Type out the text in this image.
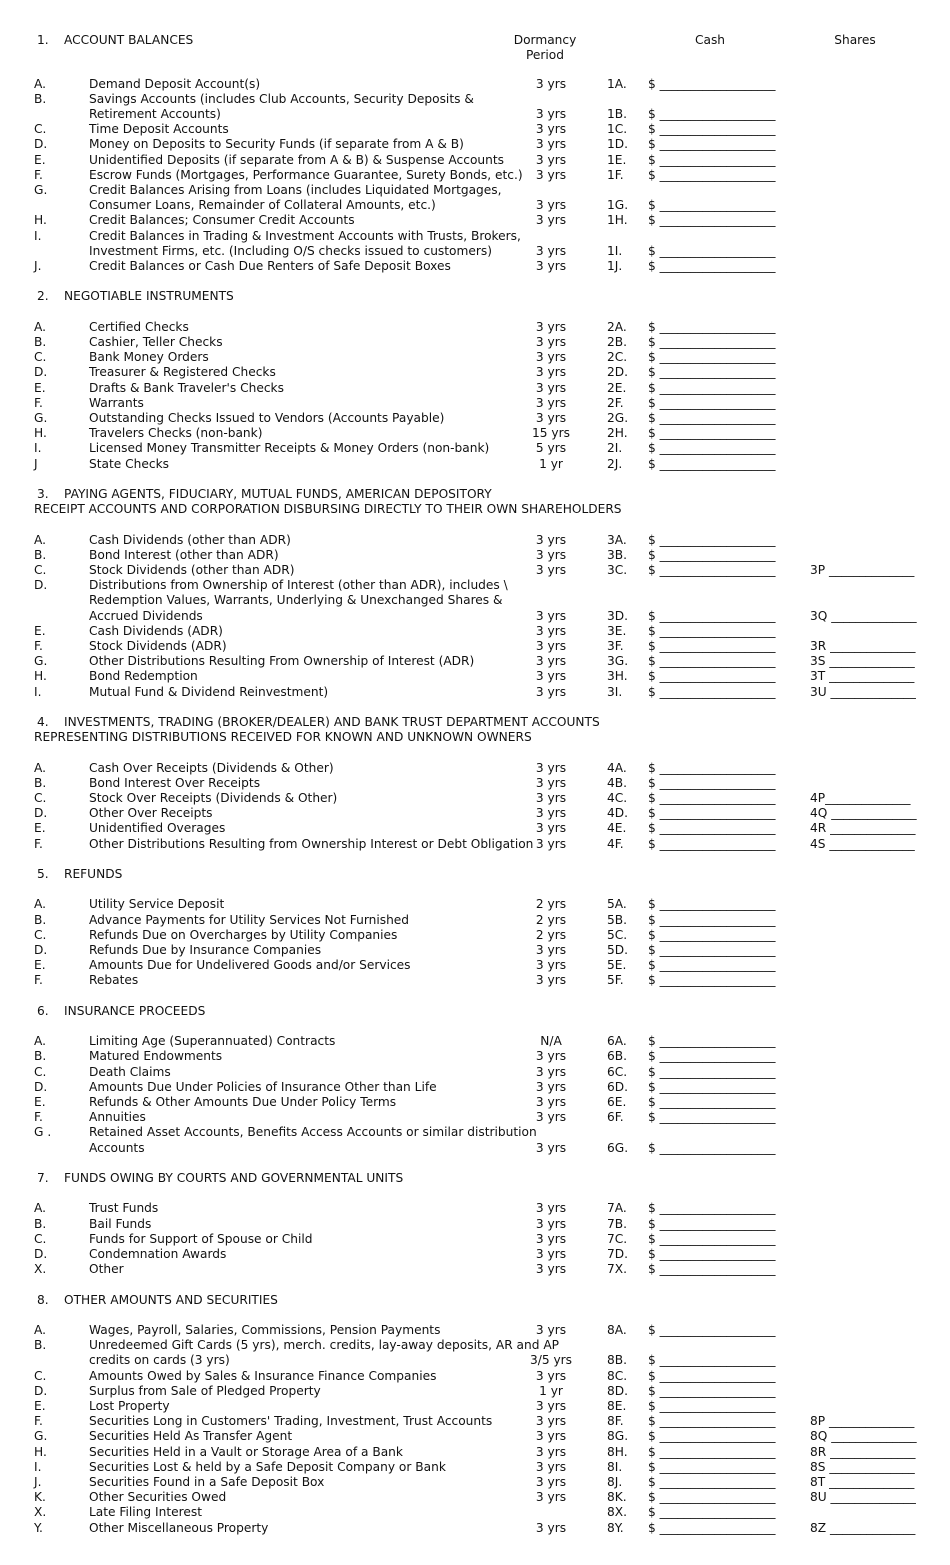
1. ACCOUNT BALANCES	Dormancy
Period
Cash	Shares
A.	Demand Deposit Account(s)	3 yrs	1A. $ ___________________
B.	Savings Accounts (includes Club Accounts, Security Deposits &
Retirement Accounts)	3 yrs	1B. $ ___________________
C.	Time Deposit Accounts	3 yrs	1C. $ ___________________
D.	Money on Deposits to Security Funds (if separate from A & B)	3 yrs	1D. $ ___________________
E.	Unidentified Deposits (if separate from A & B) & Suspense Accounts	3 yrs	1E. $ ___________________
F.	Escrow Funds (Mortgages, Performance Guarantee, Surety Bonds, etc.)	3 yrs	1F. $ ___________________
G.	Credit Balances Arising from Loans (includes Liquidated Mortgages,
Consumer Loans, Remainder of Collateral Amounts, etc.)	3 yrs	1G. $ ___________________
H.	Credit Balances; Consumer Credit Accounts	3 yrs	1H. $ ___________________
I.	Credit Balances in Trading & Investment Accounts with Trusts, Brokers,
Investment Firms, etc. (Including O/S checks issued to customers)	3 yrs	1I. $ ___________________
J.	Credit Balances or Cash Due Renters of Safe Deposit Boxes	3 yrs	1J. $ ___________________
2. NEGOTIABLE INSTRUMENTS
A.	Certified Checks	3 yrs	2A. $ ___________________
B.	Cashier, Teller Checks	3 yrs	2B. $ ___________________
C.	Bank Money Orders	3 yrs	2C. $ ___________________
D.	Treasurer & Registered Checks	3 yrs	2D. $ ___________________
E.	Drafts & Bank Traveler's Checks	3 yrs	2E. $ ___________________
F.	Warrants	3 yrs	2F. $ ___________________
G.	Outstanding Checks Issued to Vendors (Accounts Payable)	3 yrs	2G. $ ___________________
H.	Travelers Checks (non-bank)	15 yrs	2H. $ ___________________
I.	Licensed Money Transmitter Receipts & Money Orders (non-bank)	5 yrs	2I. $ ___________________
J	State Checks	1 yr	2J. $ ___________________
3. PAYING AGENTS, FIDUCIARY, MUTUAL FUNDS, AMERICAN DEPOSITORY
RECEIPT ACCOUNTS AND CORPORATION DISBURSING DIRECTLY TO THEIR OWN SHAREHOLDERS
A.	Cash Dividends (other than ADR)	3 yrs	3A. $ ___________________
B.	Bond Interest (other than ADR)	3 yrs	3B. $ ___________________
C.	Stock Dividends (other than ADR)	3 yrs	3C. $ ___________________	3P ______________
D.	Distributions from Ownership of Interest (other than ADR), includes \
Redemption Values, Warrants, Underlying & Unexchanged Shares &
Accrued Dividends	3 yrs	3D. $ ___________________	3Q ______________
E.	Cash Dividends (ADR)	3 yrs	3E. $ ___________________
F.	Stock Dividends (ADR)	3 yrs	3F. $ ___________________	3R ______________
G.	Other Distributions Resulting From Ownership of Interest (ADR)	3 yrs	3G. $ ___________________	3S ______________
H.	Bond Redemption	3 yrs	3H. $ ___________________	3T ______________
I.	Mutual Fund & Dividend Reinvestment)	3 yrs	3I. $ ___________________	3U ______________
4. INVESTMENTS, TRADING (BROKER/DEALER) AND BANK TRUST DEPARTMENT ACCOUNTS
REPRESENTING DISTRIBUTIONS RECEIVED FOR KNOWN AND UNKNOWN OWNERS
A.	Cash Over Receipts (Dividends & Other)	3 yrs	4A. $ ___________________
B.	Bond Interest Over Receipts	3 yrs	4B. $ ___________________
C.	Stock Over Receipts (Dividends & Other)	3 yrs	4C. $ ___________________	4P______________
D.	Other Over Receipts	3 yrs	4D. $ ___________________	4Q ______________
E.	Unidentified Overages	3 yrs	4E. $ ___________________	4R ______________
F.	Other Distributions Resulting from Ownership Interest or Debt Obligation 3 yrs	4F. $ ___________________	4S ______________
5. REFUNDS
A.	Utility Service Deposit	2 yrs	5A. $ ___________________
B.	Advance Payments for Utility Services Not Furnished	2 yrs	5B. $ ___________________
C.	Refunds Due on Overcharges by Utility Companies	2 yrs	5C. $ ___________________
D.	Refunds Due by Insurance Companies	3 yrs	5D. $ ___________________
E.	Amounts Due for Undelivered Goods and/or Services	3 yrs	5E. $ ___________________
F.	Rebates	3 yrs	5F. $ ___________________
6. INSURANCE PROCEEDS
A.	Limiting Age (Superannuated) Contracts	N/A	6A. $ ___________________
B.	Matured Endowments	3 yrs	6B. $ ___________________
C.	Death Claims	3 yrs	6C. $ ___________________
D.	Amounts Due Under Policies of Insurance Other than Life	3 yrs	6D. $ ___________________
E.	Refunds & Other Amounts Due Under Policy Terms	3 yrs	6E. $ ___________________
F.	Annuities	3 yrs	6F. $ ___________________
G .	Retained Asset Accounts, Benefits Access Accounts or similar distribution
Accounts	3 yrs	6G. $ ___________________
7. FUNDS OWING BY COURTS AND GOVERNMENTAL UNITS
A.	Trust Funds	3 yrs	7A. $ ___________________
B.	Bail Funds	3 yrs	7B. $ ___________________
C.	Funds for Support of Spouse or Child	3 yrs	7C. $ ___________________
D.	Condemnation Awards	3 yrs	7D. $ ___________________
X.	Other	3 yrs	7X. $ ___________________
8. OTHER AMOUNTS AND SECURITIES
A.	Wages, Payroll, Salaries, Commissions, Pension Payments	3 yrs	8A. $ ___________________
B.	Unredeemed Gift Cards (5 yrs), merch. credits, lay-away deposits, AR and AP
credits on cards (3 yrs)	3/5 yrs	8B. $ ___________________
C.	Amounts Owed by Sales & Insurance Finance Companies	3 yrs	8C. $ ___________________
D.	Surplus from Sale of Pledged Property	1 yr	8D. $ ___________________
E.	Lost Property	3 yrs	8E. $ ___________________
F.	Securities Long in Customers' Trading, Investment, Trust Accounts	3 yrs	8F. $ ___________________	8P ______________
G.	Securities Held As Transfer Agent	3 yrs	8G. $ ___________________	8Q ______________
H.	Securities Held in a Vault or Storage Area of a Bank	3 yrs	8H. $ ___________________	8R ______________
I.	Securities Lost & held by a Safe Deposit Company or Bank	3 yrs	8I. $ ___________________	8S ______________
J.	Securities Found in a Safe Deposit Box	3 yrs	8J. $ ___________________	8T ______________
K.	Other Securities Owed	3 yrs	8K. $ ___________________	8U ______________
X.	Late Filing Interest	8X. $ ___________________
Y.	Other Miscellaneous Property	3 yrs	8Y. $ ___________________	8Z ______________
